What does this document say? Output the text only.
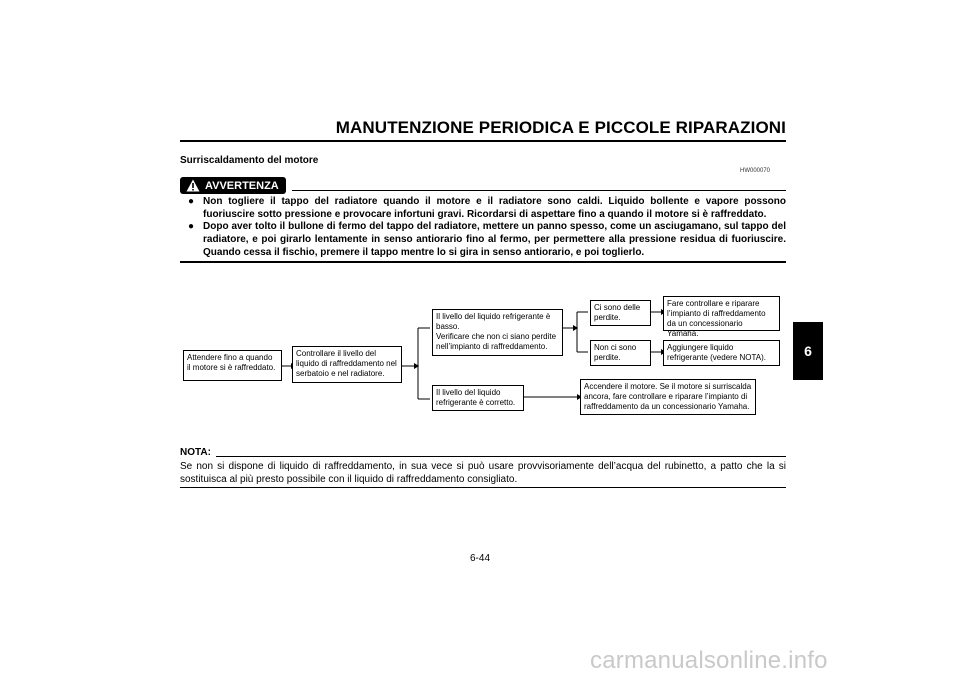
MANUTENZIONE PERIODICA E PICCOLE RIPARAZIONI
6
Surriscaldamento del motore
HW000070
AVVERTENZA
● Non togliere il tappo del radiatore quando il motore e il radiatore sono caldi. Liquido bollente e vapore possono fuoriuscire sotto pressione e provocare infortuni gravi. Ricordarsi di aspettare fino a quando il motore si è raffreddato.
● Dopo aver tolto il bullone di fermo del tappo del radiatore, mettere un panno spesso, come un asciugamano, sul tappo del radiatore, e poi girarlo lentamente in senso antiorario fino al fermo, per permettere alla pressione residua di fuoriuscire. Quando cessa il fischio, premere il tappo mentre lo si gira in senso antiorario, e poi toglierlo.
Attendere fino a quando il motore si è raffreddato.
Controllare il livello del liquido di raffreddamento nel serbatoio e nel radiatore.
Il livello del liquido refrigerante è basso.
Verificare che non ci siano perdite nell’impianto di raffreddamento.
Il livello del liquido refrigerante è corretto.
Ci sono delle perdite.
Non ci sono perdite.
Fare controllare e riparare l’impianto di raffreddamento da un concessionario Yamaha.
Aggiungere liquido refrigerante (vedere NOTA).
Accendere il motore. Se il motore si surriscalda ancora, fare controllare e riparare l’impianto di raffreddamento da un concessionario Yamaha.
NOTA:
Se non si dispone di liquido di raffreddamento, in sua vece si può usare provvisoriamente dell’acqua del rubinetto, a patto che la si sostituisca al più presto possibile con il liquido di raffreddamento consigliato.
6-44
carmanualsonline.info
